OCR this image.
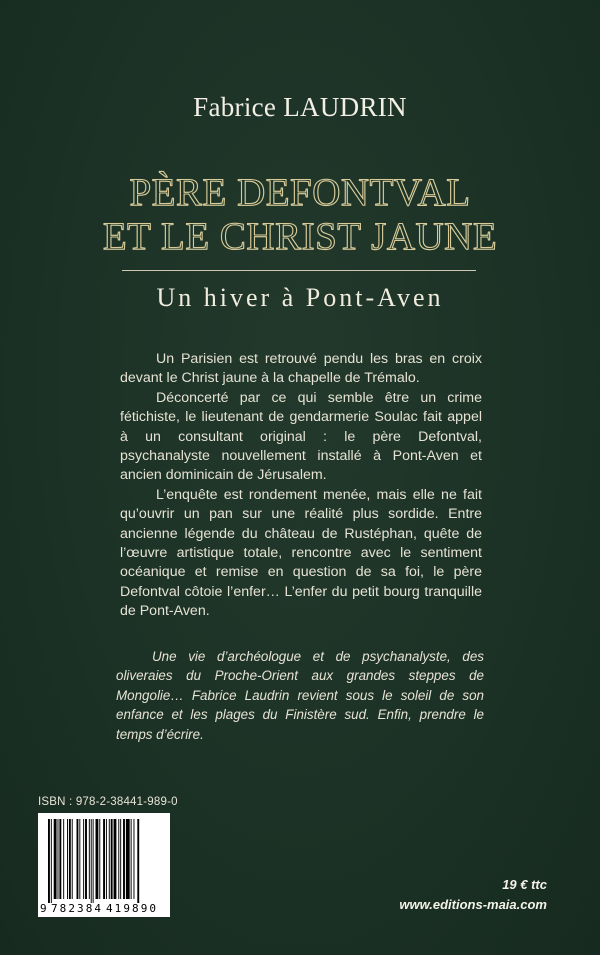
Fabrice LAUDRIN
PÈRE DEFONTVAL
ET LE CHRIST JAUNE
Un hiver à Pont-Aven

Un Parisien est retrouvé pendu les bras en croix devant le Christ jaune à la chapelle de Trémalo.

Déconcerté par ce qui semble être un crime fétichiste, le lieutenant de gendarmerie Soulac fait appel à un consultant original : le père Defontval, psychanalyste nouvellement installé à Pont-Aven et ancien dominicain de Jérusalem.

L’enquête est rondement menée, mais elle ne fait qu’ouvrir un pan sur une réalité plus sordide. Entre ancienne légende du château de Rustéphan, quête de l’œuvre artistique totale, rencontre avec le sentiment océanique et remise en question de sa foi, le père Defontval côtoie l’enfer… L’enfer du petit bourg tranquille de Pont-Aven.

Une vie d’archéologue et de psychanalyste, des oliveraies du Proche-Orient aux grandes steppes de Mongolie… Fabrice Laudrin revient sous le soleil de son enfance et les plages du Finistère sud. Enfin, prendre le temps d’écrire.
ISBN : 978-2-38441-989-0
9 782384 419890
19 € ttc
www.editions-maia.com
